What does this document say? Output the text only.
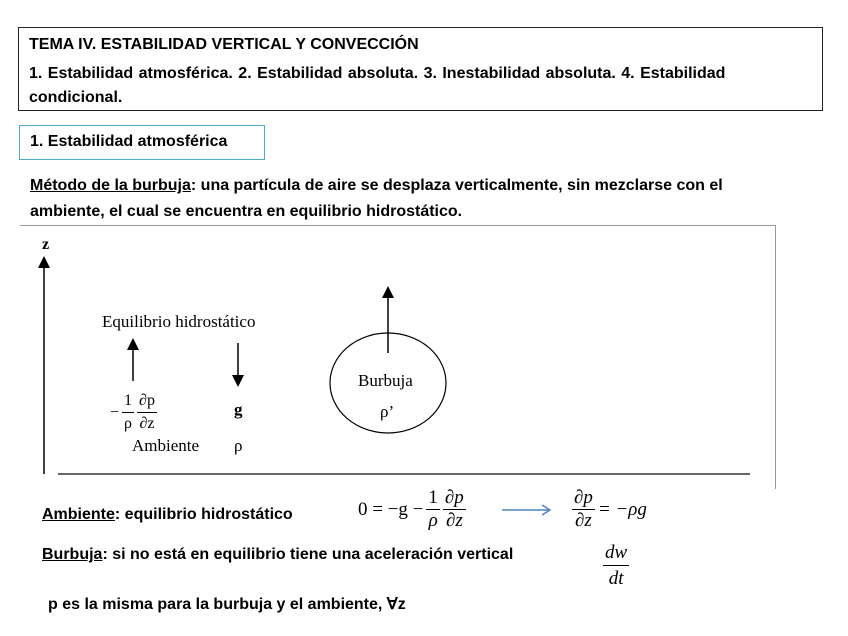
TEMA IV. ESTABILIDAD VERTICAL Y CONVECCIÓN
1. Estabilidad atmosférica. 2. Estabilidad absoluta. 3. Inestabilidad absoluta. 4. Estabilidad condicional.
1. Estabilidad atmosférica
Método de la burbuja: una partícula de aire se desplaza verticalmente, sin mezclarse con el ambiente, el cual se encuentra en equilibrio hidrostático.
z
Equilibrio hidrostático
− $\frac{1}{\rho} \frac{\partial p}{\partial z}$	g
Ambiente ρ
Burbuja
ρ’
Ambiente: equilibrio hidrostático	$0 = -g - \frac{1}{\rho} \frac{\partial p}{\partial z}$	$\frac{\partial p}{\partial z} = -\rho g$
Burbuja: si no está en equilibrio tiene una aceleración vertical	$\frac{dw}{dt}$
p es la misma para la burbuja y el ambiente, ∀z
